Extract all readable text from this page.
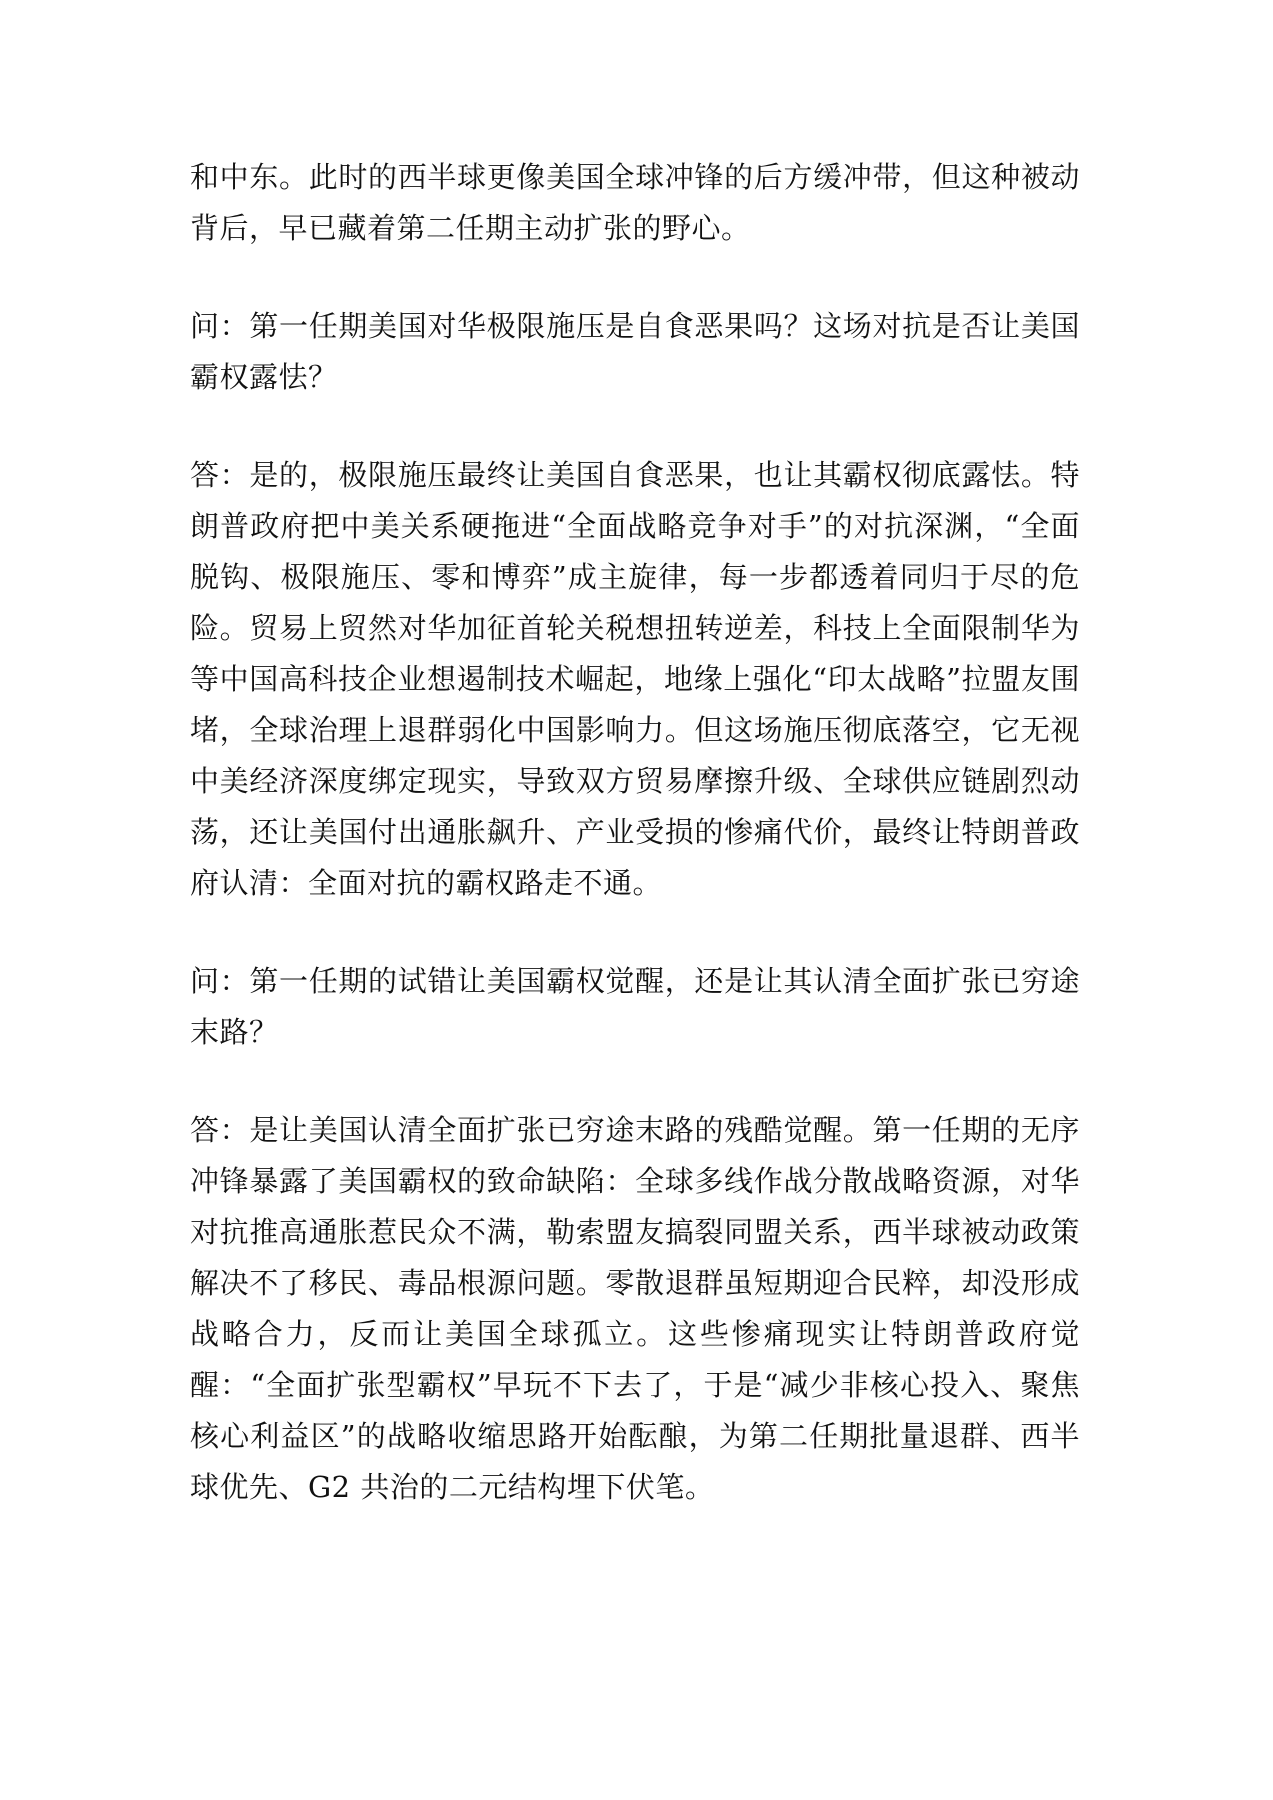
和中东。此时的西半球更像美国全球冲锋的后方缓冲带，但这种被动背后，早已藏着第二任期主动扩张的野心。

问：第一任期美国对华极限施压是自食恶果吗？这场对抗是否让美国霸权露怯？

答：是的，极限施压最终让美国自食恶果，也让其霸权彻底露怯。特朗普政府把中美关系硬拖进“全面战略竞争对手”的对抗深渊，“全面脱钩、极限施压、零和博弈”成主旋律，每一步都透着同归于尽的危险。贸易上贸然对华加征首轮关税想扭转逆差，科技上全面限制华为等中国高科技企业想遏制技术崛起，地缘上强化“印太战略”拉盟友围堵，全球治理上退群弱化中国影响力。但这场施压彻底落空，它无视中美经济深度绑定现实，导致双方贸易摩擦升级、全球供应链剧烈动荡，还让美国付出通胀飙升、产业受损的惨痛代价，最终让特朗普政府认清：全面对抗的霸权路走不通。

问：第一任期的试错让美国霸权觉醒，还是让其认清全面扩张已穷途末路？

答：是让美国认清全面扩张已穷途末路的残酷觉醒。第一任期的无序冲锋暴露了美国霸权的致命缺陷：全球多线作战分散战略资源，对华对抗推高通胀惹民众不满，勒索盟友搞裂同盟关系，西半球被动政策解决不了移民、毒品根源问题。零散退群虽短期迎合民粹，却没形成战略合力，反而让美国全球孤立。这些惨痛现实让特朗普政府觉醒：“全面扩张型霸权”早玩不下去了，于是“减少非核心投入、聚焦核心利益区”的战略收缩思路开始酝酿，为第二任期批量退群、西半球优先、G2 共治的二元结构埋下伏笔。
